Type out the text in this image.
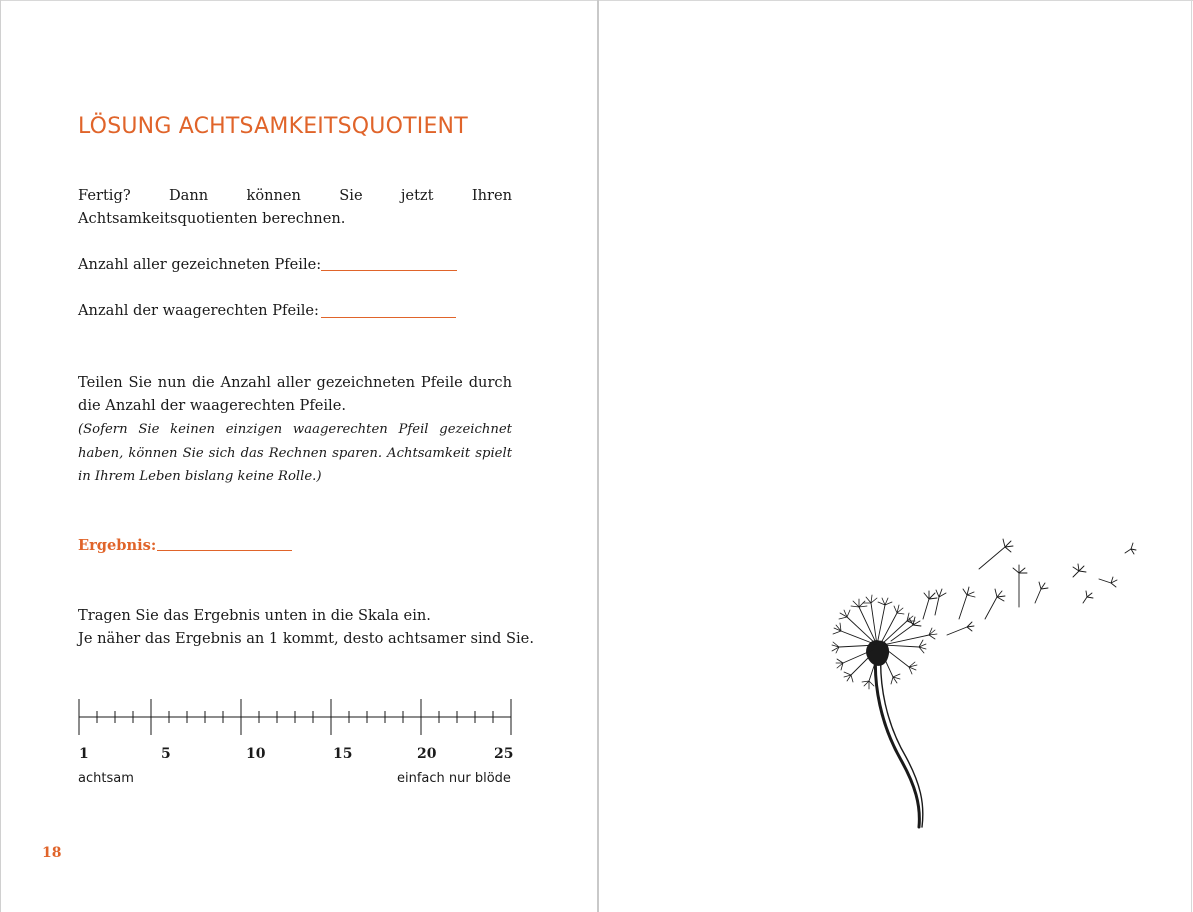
LÖSUNG ACHTSAMKEITSQUOTIENT

Fertig? Dann können Sie jetzt Ihren Achtsamkeitsquotienten berechnen.

Anzahl aller gezeichneten Pfeile:
Anzahl der waagerechten Pfeile:

Teilen Sie nun die Anzahl aller gezeichneten Pfeile durch die Anzahl der waagerechten Pfeile.

(Sofern Sie keinen einzigen waagerechten Pfeil gezeichnet haben, können Sie sich das Rechnen sparen. Achtsamkeit spielt in Ihrem Leben bislang keine Rolle.)

Ergebnis:

Tragen Sie das Ergebnis unten in die Skala ein.
Je näher das Ergebnis an 1 kommt, desto achtsamer sind Sie.

1	5	10	15	20	25
achtsam	einfach nur blöde
18
